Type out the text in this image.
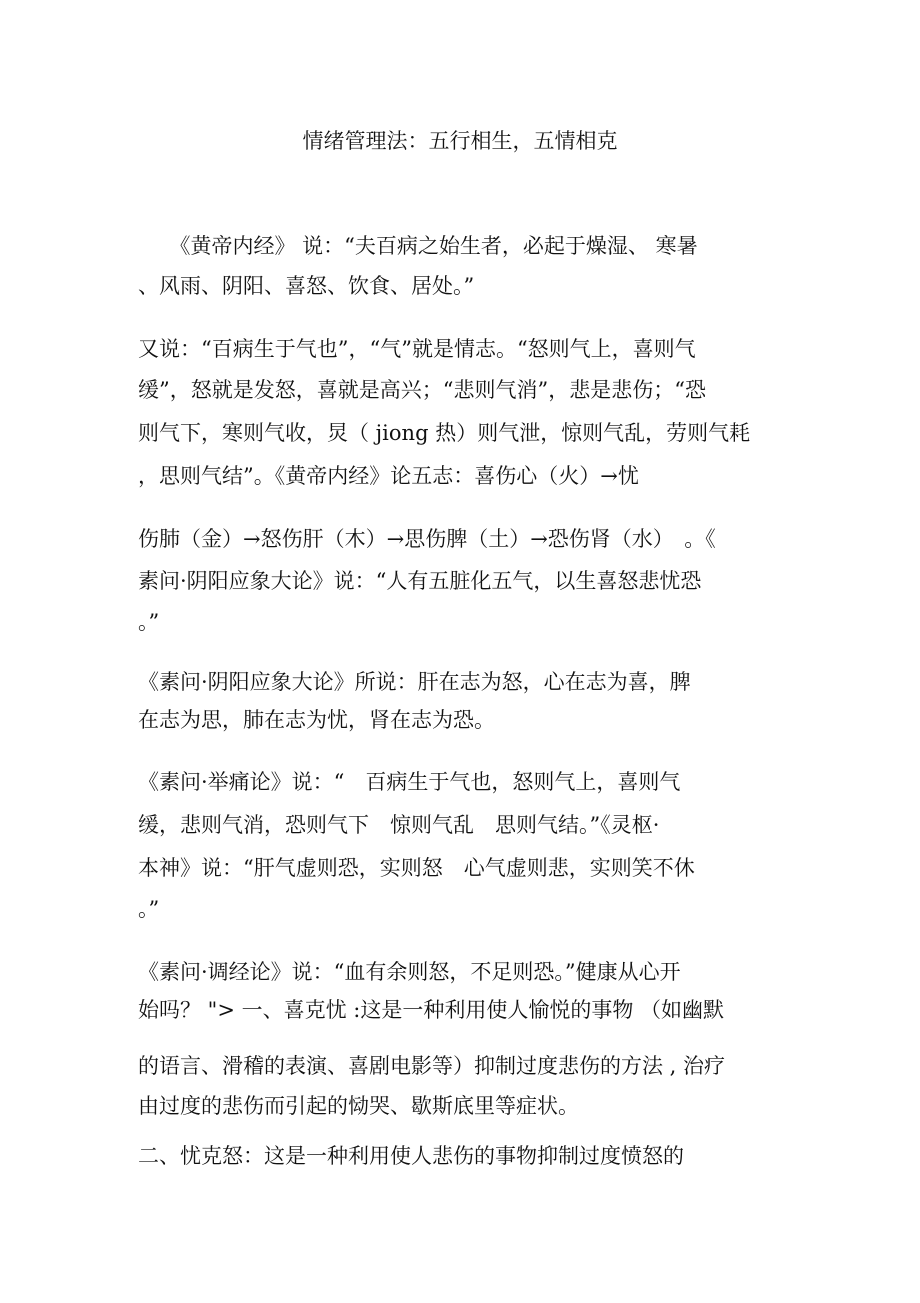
情绪管理法：五行相生，五情相克
　　《黄帝内经》 说：“夫百病之始生者，必起于燥湿、 寒暑
、风雨、阴阳、喜怒、饮食、居处。”
又说：“百病生于气也”，“气”就是情志。“怒则气上，喜则气
缓”，怒就是发怒，喜就是高兴；“悲则气消”，悲是悲伤；“恐
则气下，寒则气收，炅（ jiong 热）则气泄，惊则气乱，劳则气耗
，思则气结”。《黄帝内经》论五志：喜伤心（火）→忧
伤肺（金）→怒伤肝（木）→思伤脾（土）→恐伤肾（水）　。《
素问·阴阳应象大论》说：“人有五脏化五气，以生喜怒悲忧恐
。”
《素问·阴阳应象大论》所说：肝在志为怒，心在志为喜，脾
在志为思，肺在志为忧，肾在志为恐。
《素问·举痛论》说：“　百病生于气也，怒则气上，喜则气
缓，悲则气消，恐则气下　惊则气乱　思则气结。”《灵枢·
本神》说：“肝气虚则恐，实则怒　心气虚则悲，实则笑不休
。”
《素问·调经论》说：“血有余则怒，不足则恐。”健康从心开
始吗？ "> 一、喜克忧 :这是一种利用使人愉悦的事物 （如幽默
的语言、滑稽的表演、喜剧电影等）抑制过度悲伤的方法 , 治疗
由过度的悲伤而引起的恸哭、歇斯底里等症状。
二、忧克怒：这是一种利用使人悲伤的事物抑制过度愤怒的
